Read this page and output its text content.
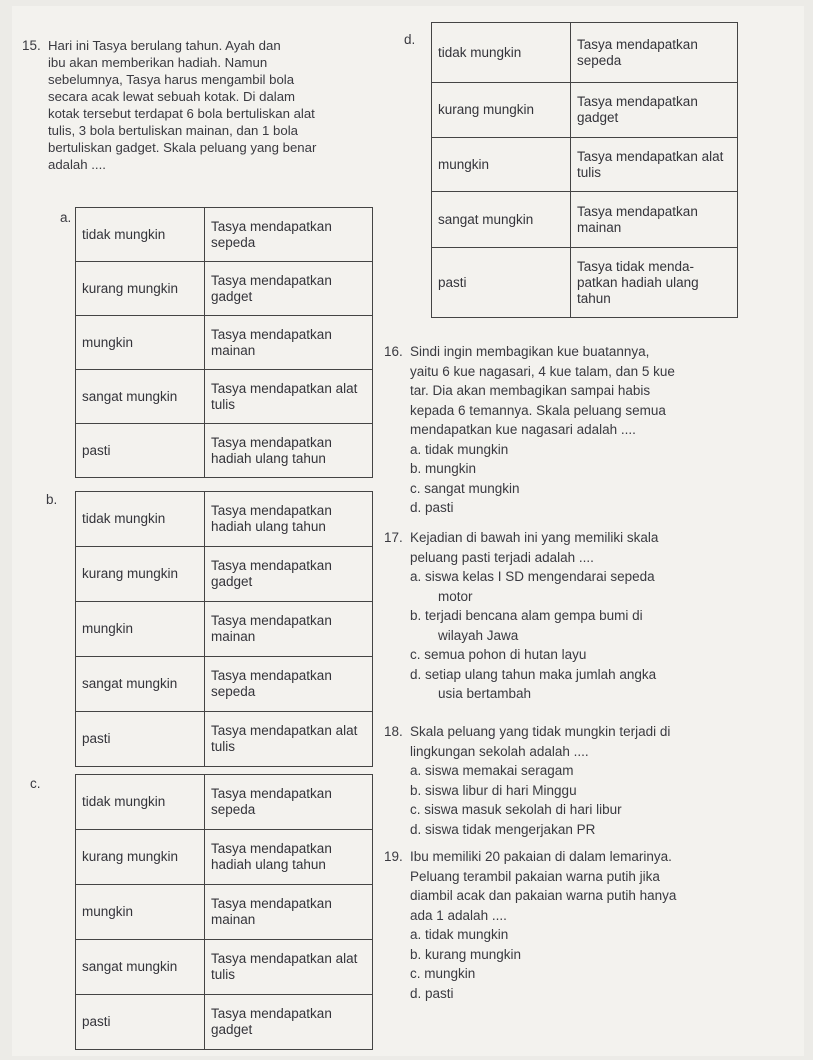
15. Hari ini Tasya berulang tahun. Ayah dan
ibu akan memberikan hadiah. Namun
sebelumnya, Tasya harus mengambil bola
secara acak lewat sebuah kotak. Di dalam
kotak tersebut terdapat 6 bola bertuliskan alat
tulis, 3 bola bertuliskan mainan, dan 1 bola
bertuliskan gadget. Skala peluang yang benar
adalah ....
a.
tidak mungkin	Tasya mendapatkan sepeda
kurang mungkin	Tasya mendapatkan gadget
mungkin	Tasya mendapatkan mainan
sangat mungkin	Tasya mendapatkan alat tulis
pasti	Tasya mendapatkan hadiah ulang tahun
b.
tidak mungkin	Tasya mendapatkan hadiah ulang tahun
kurang mungkin	Tasya mendapatkan gadget
mungkin	Tasya mendapatkan mainan
sangat mungkin	Tasya mendapatkan sepeda
pasti	Tasya mendapatkan alat tulis
c.
tidak mungkin	Tasya mendapatkan sepeda
kurang mungkin	Tasya mendapatkan hadiah ulang tahun
mungkin	Tasya mendapatkan mainan
sangat mungkin	Tasya mendapatkan alat tulis
pasti	Tasya mendapatkan gadget
d.
tidak mungkin	Tasya mendapatkan sepeda
kurang mungkin	Tasya mendapatkan gadget
mungkin	Tasya mendapatkan alat tulis
sangat mungkin	Tasya mendapatkan mainan
pasti	Tasya tidak menda-patkan hadiah ulang tahun
16. Sindi ingin membagikan kue buatannya,
yaitu 6 kue nagasari, 4 kue talam, dan 5 kue
tar. Dia akan membagikan sampai habis
kepada 6 temannya. Skala peluang semua
mendapatkan kue nagasari adalah ....
a. tidak mungkin
b. mungkin
c. sangat mungkin
d. pasti
17. Kejadian di bawah ini yang memiliki skala
peluang pasti terjadi adalah ....
a. siswa kelas I SD mengendarai sepeda
motor
b. terjadi bencana alam gempa bumi di
wilayah Jawa
c. semua pohon di hutan layu
d. setiap ulang tahun maka jumlah angka
usia bertambah
18. Skala peluang yang tidak mungkin terjadi di
lingkungan sekolah adalah ....
a. siswa memakai seragam
b. siswa libur di hari Minggu
c. siswa masuk sekolah di hari libur
d. siswa tidak mengerjakan PR
19. Ibu memiliki 20 pakaian di dalam lemarinya.
Peluang terambil pakaian warna putih jika
diambil acak dan pakaian warna putih hanya
ada 1 adalah ....
a. tidak mungkin
b. kurang mungkin
c. mungkin
d. pasti
